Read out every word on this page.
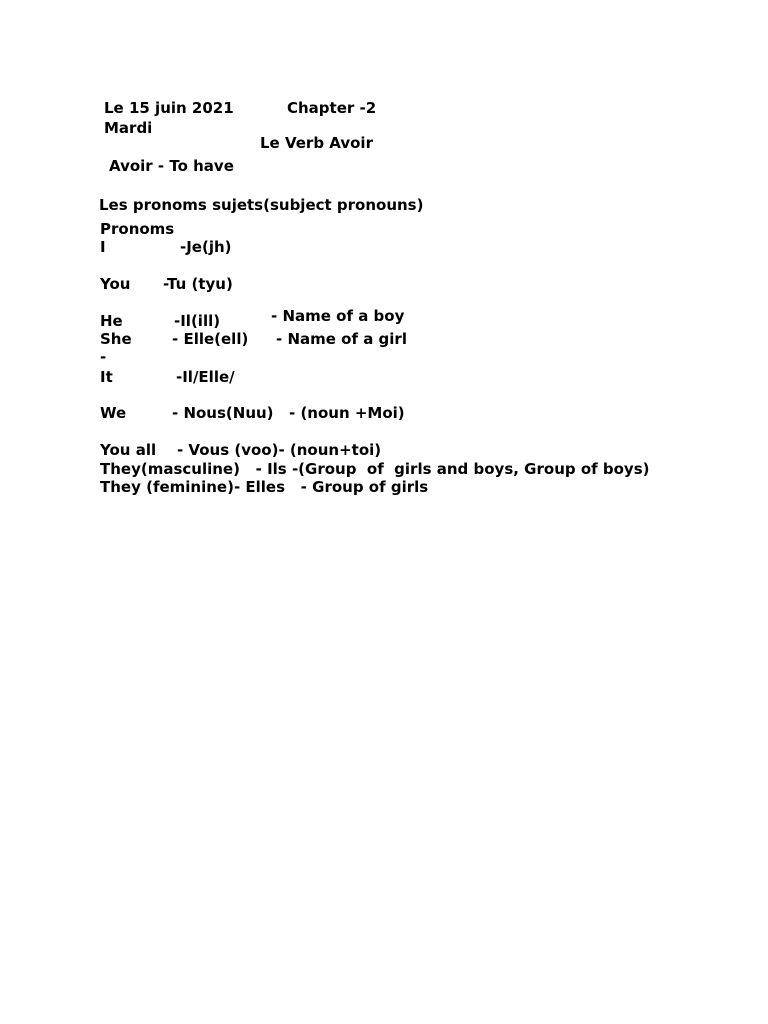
Le 15 juin 2021	Chapter -2
Mardi
Le Verb Avoir
Avoir - To have
Les pronoms sujets(subject pronouns)
Pronoms
I	-Je(jh)
You -Tu (tyu)
- Name of a boy
He	-Il(ill)
She	- Elle(ell) - Name of a girl
-
It	-Il/Elle/
We	- Nous(Nuu) - (noun +Moi)
You all    - Vous (voo)- (noun+toi)
They(masculine)   - Ils -(Group  of  girls and boys, Group of boys)
They (feminine)- Elles   - Group of girls
